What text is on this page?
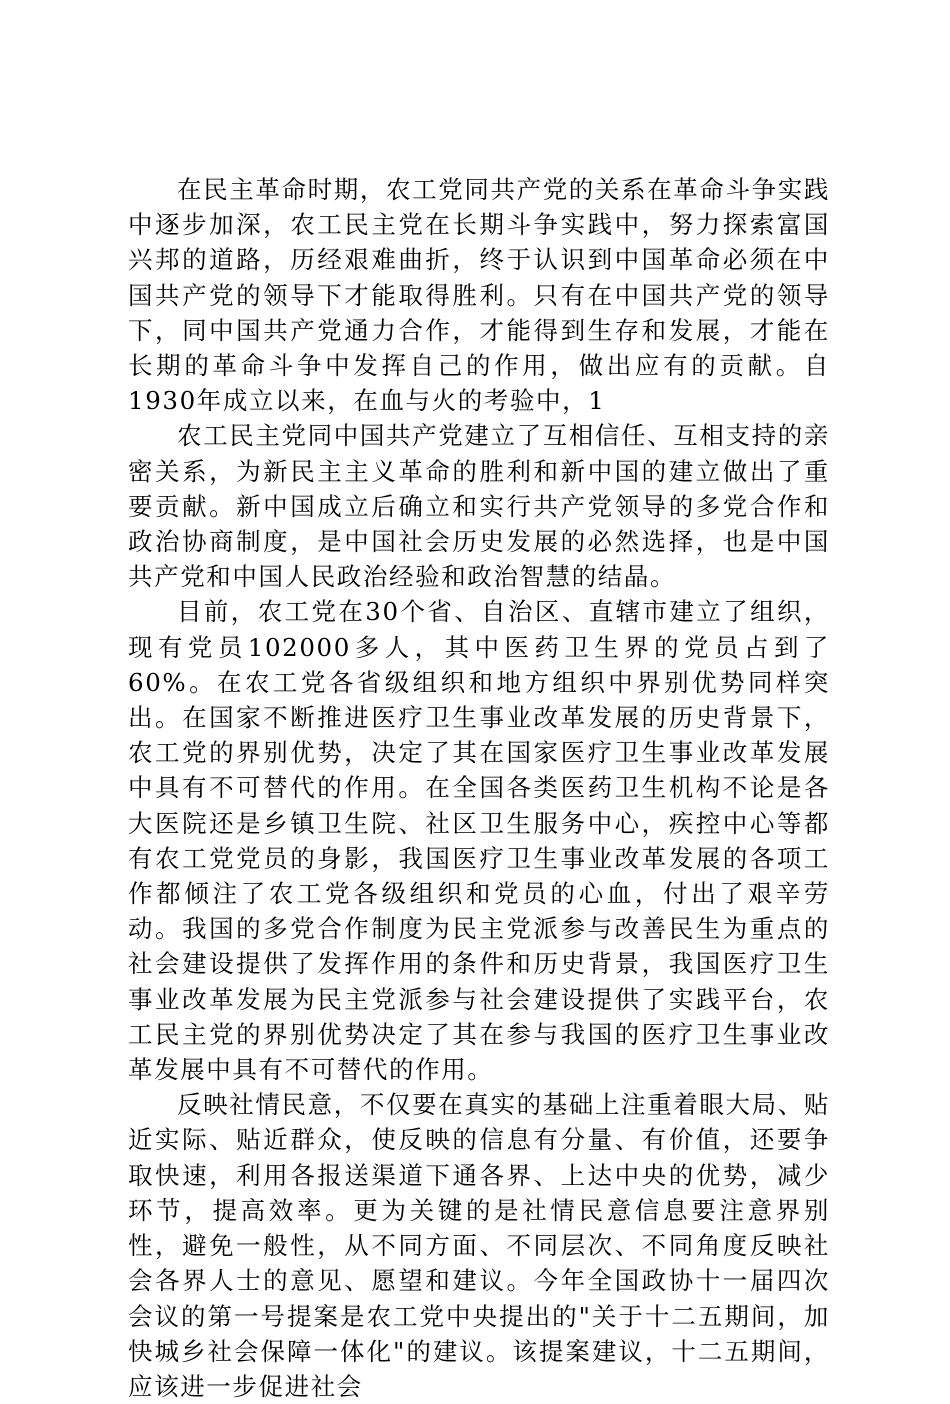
在民主革命时期，农工党同共产党的关系在革命斗争实践中逐步加深，农工民主党在长期斗争实践中，努力探索富国兴邦的道路，历经艰难曲折，终于认识到中国革命必须在中国共产党的领导下才能取得胜利。只有在中国共产党的领导下，同中国共产党通力合作，才能得到生存和发展，才能在长期的革命斗争中发挥自己的作用，做出应有的贡献。自1930年成立以来，在血与火的考验中，1

农工民主党同中国共产党建立了互相信任、互相支持的亲密关系，为新民主主义革命的胜利和新中国的建立做出了重要贡献。新中国成立后确立和实行共产党领导的多党合作和政治协商制度，是中国社会历史发展的必然选择，也是中国共产党和中国人民政治经验和政治智慧的结晶。

目前，农工党在30个省、自治区、直辖市建立了组织，现有党员102000多人，其中医药卫生界的党员占到了60%。在农工党各省级组织和地方组织中界别优势同样突出。在国家不断推进医疗卫生事业改革发展的历史背景下，农工党的界别优势，决定了其在国家医疗卫生事业改革发展中具有不可替代的作用。在全国各类医药卫生机构不论是各大医院还是乡镇卫生院、社区卫生服务中心，疾控中心等都有农工党党员的身影，我国医疗卫生事业改革发展的各项工作都倾注了农工党各级组织和党员的心血，付出了艰辛劳动。我国的多党合作制度为民主党派参与改善民生为重点的社会建设提供了发挥作用的条件和历史背景，我国医疗卫生事业改革发展为民主党派参与社会建设提供了实践平台，农工民主党的界别优势决定了其在参与我国的医疗卫生事业改革发展中具有不可替代的作用。

反映社情民意，不仅要在真实的基础上注重着眼大局、贴近实际、贴近群众，使反映的信息有分量、有价值，还要争取快速，利用各报送渠道下通各界、上达中央的优势，减少环节，提高效率。更为关键的是社情民意信息要注意界别性，避免一般性，从不同方面、不同层次、不同角度反映社会各界人士的意见、愿望和建议。今年全国政协十一届四次会议的第一号提案是农工党中央提出的"关于十二五期间，加快城乡社会保障一体化"的建议。该提案建议，十二五期间，应该进一步促进社会
